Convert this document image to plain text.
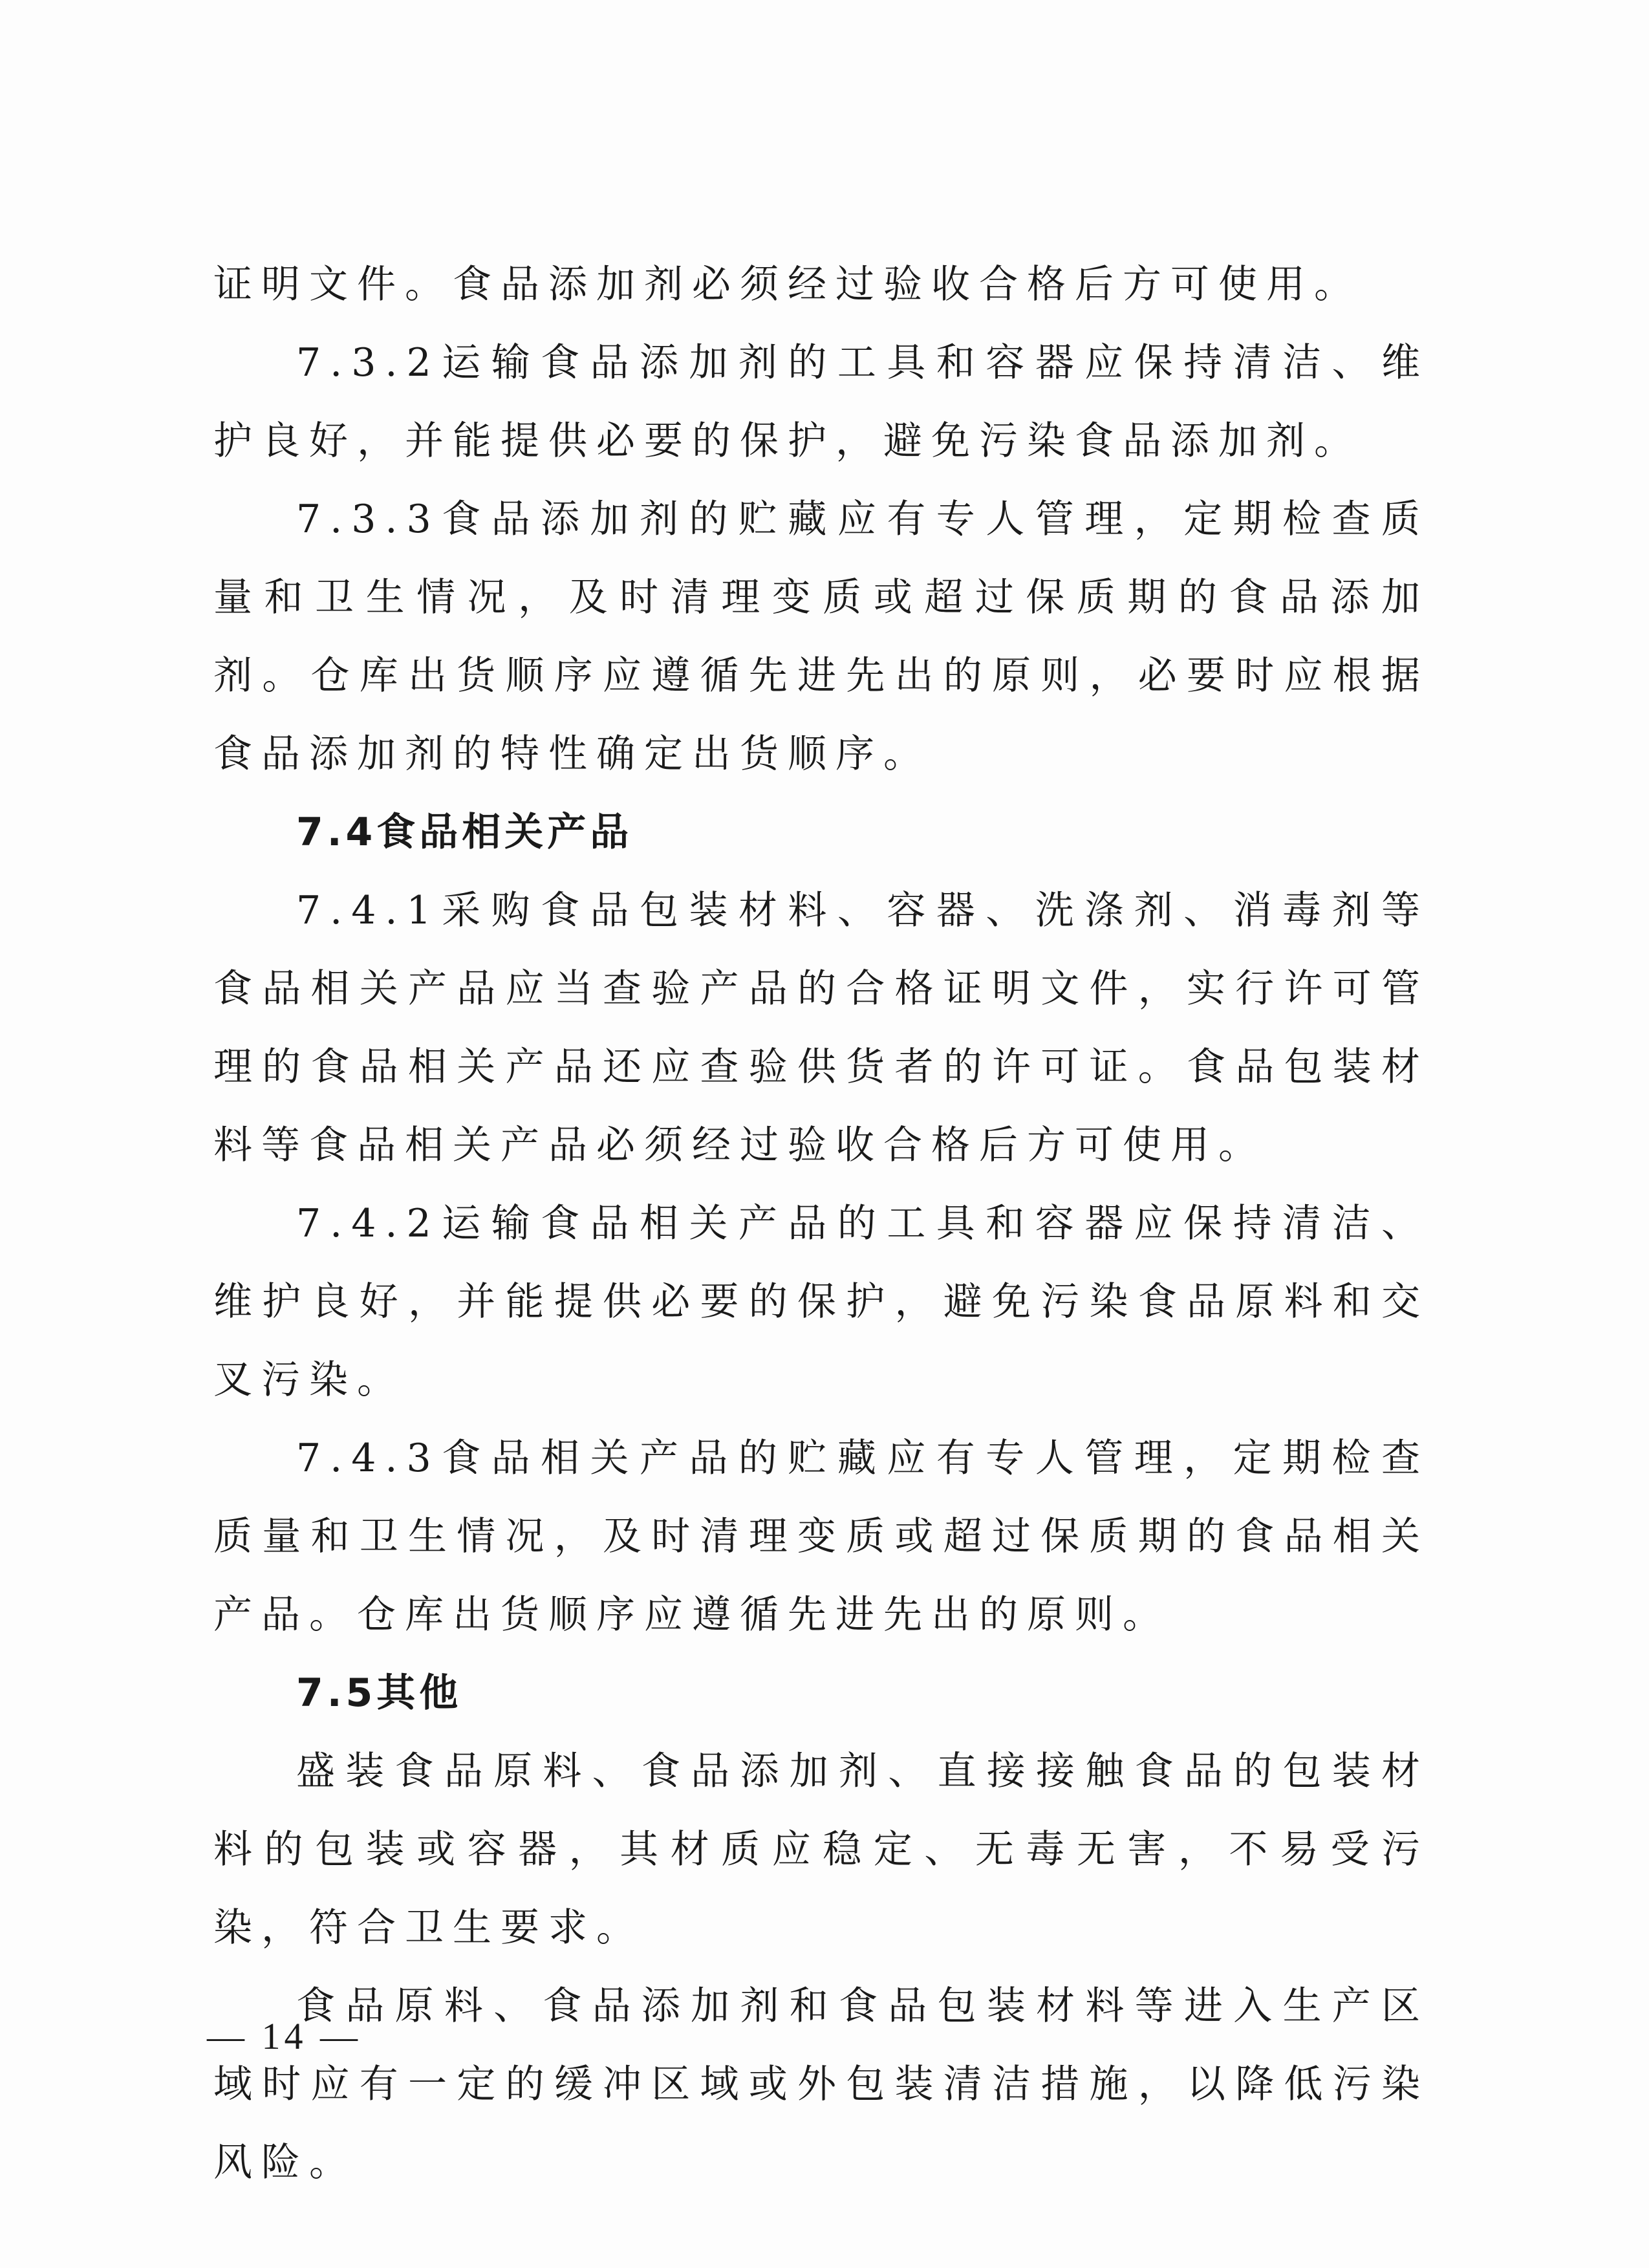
证明文件。食品添加剂必须经过验收合格后方可使用。

7.3.2运输食品添加剂的工具和容器应保持清洁、维护良好，并能提供必要的保护，避免污染食品添加剂。

7.3.3食品添加剂的贮藏应有专人管理，定期检查质量和卫生情况，及时清理变质或超过保质期的食品添加剂。仓库出货顺序应遵循先进先出的原则，必要时应根据食品添加剂的特性确定出货顺序。

7.4食品相关产品

7.4.1采购食品包装材料、容器、洗涤剂、消毒剂等食品相关产品应当查验产品的合格证明文件，实行许可管理的食品相关产品还应查验供货者的许可证。食品包装材料等食品相关产品必须经过验收合格后方可使用。

7.4.2运输食品相关产品的工具和容器应保持清洁、维护良好，并能提供必要的保护，避免污染食品原料和交叉污染。

7.4.3食品相关产品的贮藏应有专人管理，定期检查质量和卫生情况，及时清理变质或超过保质期的食品相关产品。仓库出货顺序应遵循先进先出的原则。

7.5其他

盛装食品原料、食品添加剂、直接接触食品的包装材料的包装或容器，其材质应稳定、无毒无害，不易受污染，符合卫生要求。

食品原料、食品添加剂和食品包装材料等进入生产区域时应有一定的缓冲区域或外包装清洁措施，以降低污染风险。

— 14 —
